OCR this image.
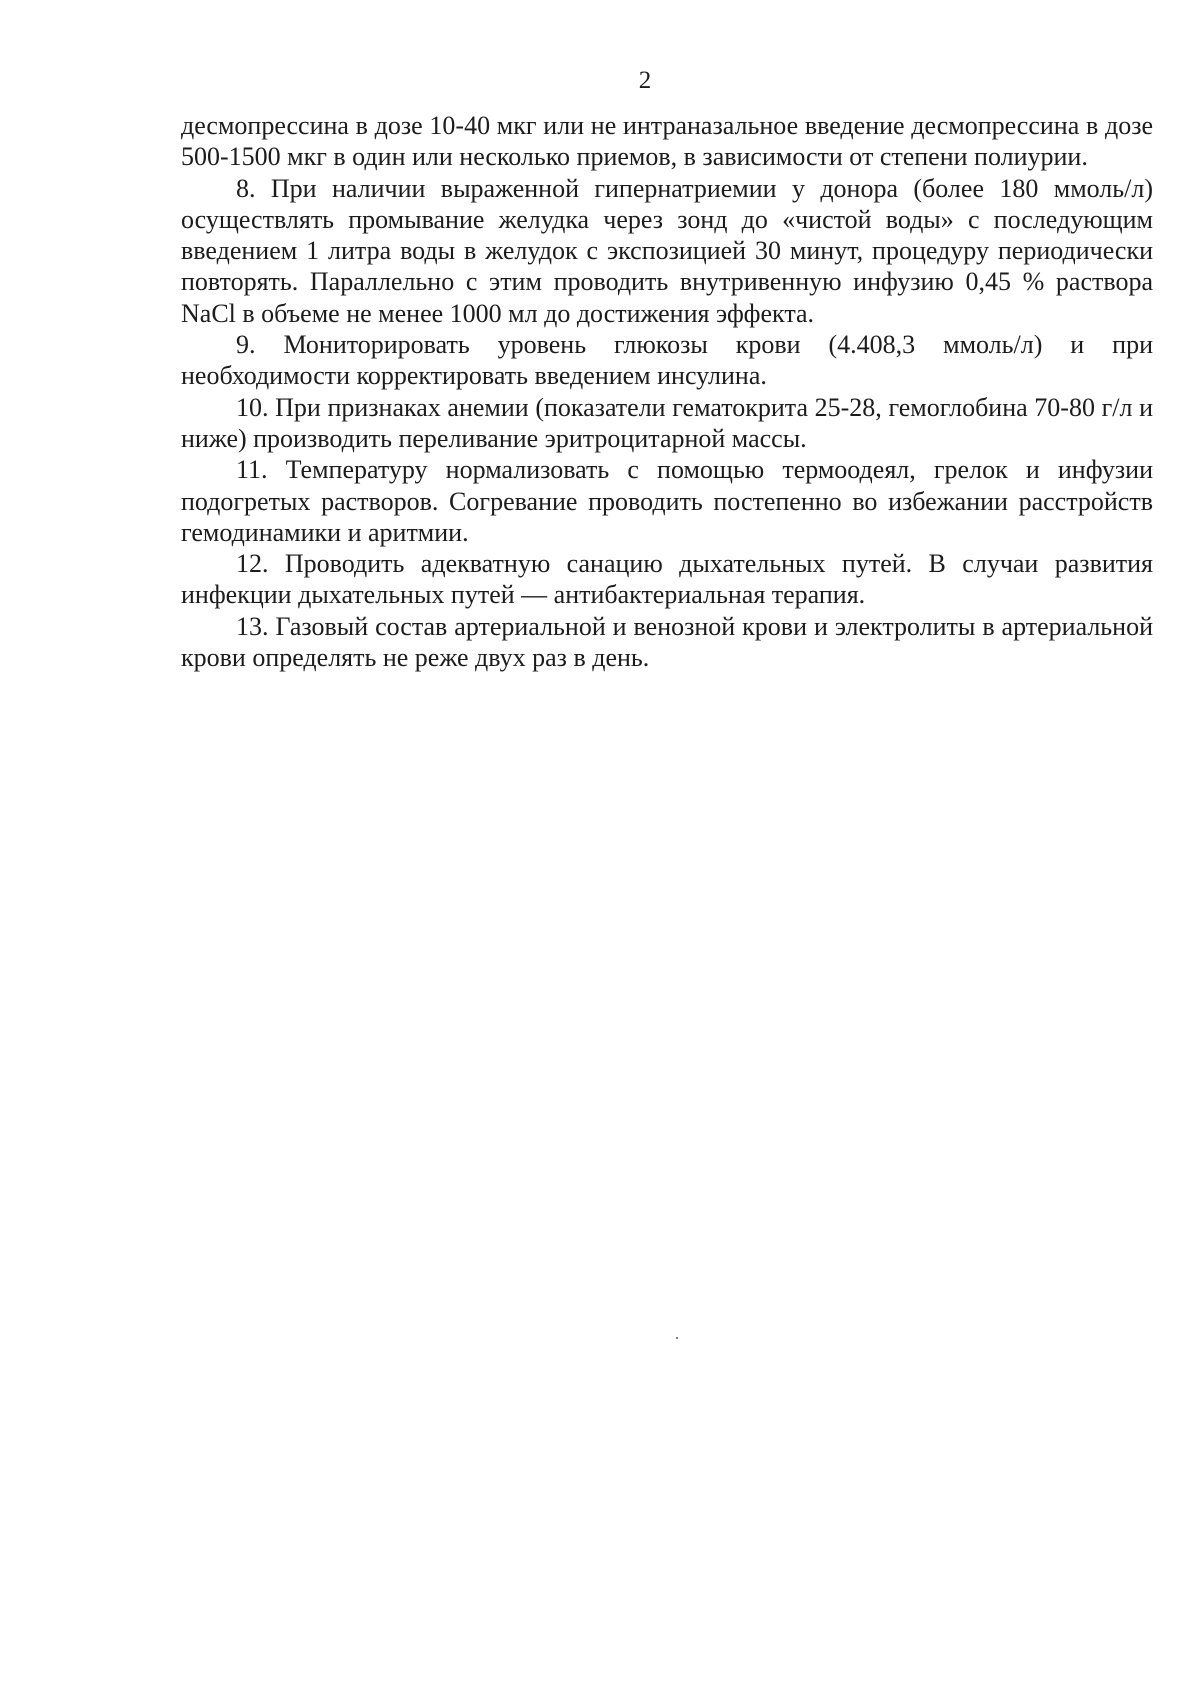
2

десмопрессина в дозе 10-40 мкг или не интраназальное введение десмопрессина в дозе 500-1500 мкг в один или несколько приемов, в зависимости от степени полиурии.

8. При наличии выраженной гипернатриемии у донора (более 180 ммоль/л) осуществлять промывание желудка через зонд до «чистой воды» с последующим введением 1 литра воды в желудок с экспозицией 30 минут, процедуру периодически повторять. Параллельно с этим проводить внутривенную инфузию 0,45 % раствора NaCl в объеме не менее 1000 мл до достижения эффекта.

9. Мониторировать уровень глюкозы крови (4.408,3 ммоль/л) и при необходимости корректировать введением инсулина.

10. При признаках анемии (показатели гематокрита 25-28, гемоглобина 70-80 г/л и ниже) производить переливание эритроцитарной массы.

11. Температуру нормализовать с помощью термоодеял, грелок и инфузии подогретых растворов. Согревание проводить постепенно во избежании расстройств гемодинамики и аритмии.

12. Проводить адекватную санацию дыхательных путей. В случаи развития инфекции дыхательных путей — антибактериальная терапия.

13. Газовый состав артериальной и венозной крови и электролиты в артериальной крови определять не реже двух раз в день.
